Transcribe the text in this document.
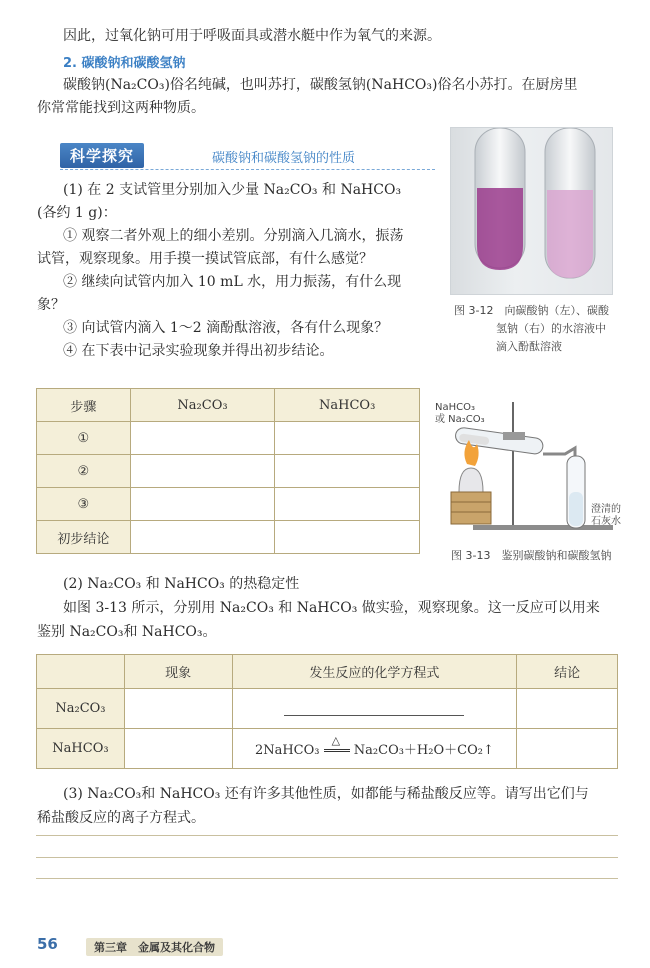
因此，过氧化钠可用于呼吸面具或潜水艇中作为氧气的来源。
2. 碳酸钠和碳酸氢钠
碳酸钠(Na₂CO₃)俗名纯碱，也叫苏打，碳酸氢钠(NaHCO₃)俗名小苏打。在厨房里
你常常能找到这两种物质。
科学探究	碳酸钠和碳酸氢钠的性质
(1) 在 2 支试管里分别加入少量 Na₂CO₃ 和 NaHCO₃
(各约 1 g)：
① 观察二者外观上的细小差别。分别滴入几滴水，振荡
试管，观察现象。用手摸一摸试管底部，有什么感觉？
② 继续向试管内加入 10 mL 水，用力振荡，有什么现
象？
③ 向试管内滴入 1～2 滴酚酞溶液，各有什么现象？
④ 在下表中记录实验现象并得出初步结论。
图 3-12　向碳酸钠（左）、碳酸
氢钠（右）的水溶液中
滴入酚酞溶液
步骤	Na₂CO₃	NaHCO₃
①		
②		
③		
初步结论		
NaHCO₃
或 Na₂CO₃
澄清的
石灰水
图 3-13　鉴别碳酸钠和碳酸氢钠
(2) Na₂CO₃ 和 NaHCO₃ 的热稳定性
如图 3-13 所示，分别用 Na₂CO₃ 和 NaHCO₃ 做实验，观察现象。这一反应可以用来
鉴别 Na₂CO₃和 NaHCO₃。
	现象	发生反应的化学方程式	结论
Na₂CO₃		

NaHCO₃		2NaHCO₃
△
Na₂CO₃＋H₂O＋CO₂↑	
(3) Na₂CO₃和 NaHCO₃ 还有许多其他性质，如都能与稀盐酸反应等。请写出它们与
稀盐酸反应的离子方程式。
56	第三章　金属及其化合物
